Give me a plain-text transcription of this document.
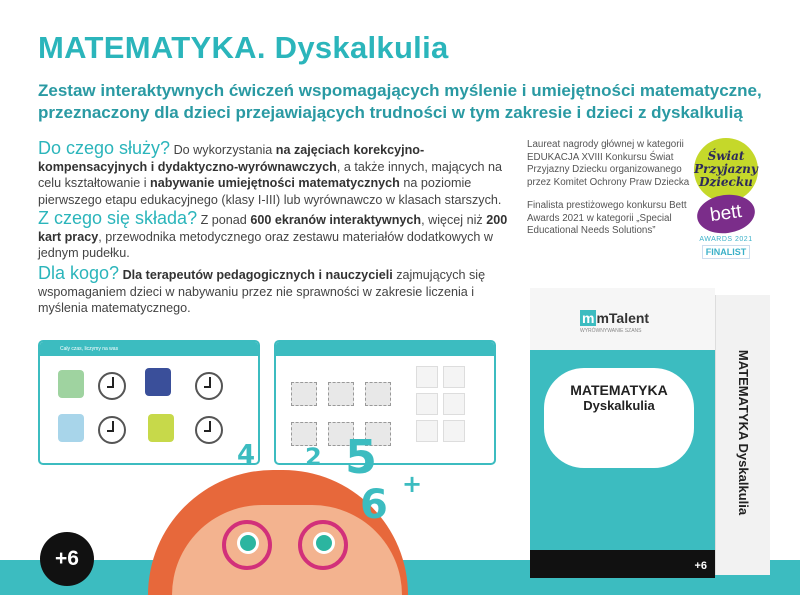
MATEMATYKA. Dyskalkulia
Zestaw interaktywnych ćwiczeń wspomagających myślenie i umiejętności matematyczne, przeznaczony dla dzieci przejawiających trudności w tym zakresie i dzieci z dyskalkulią
Do czego służy? Do wykorzystania na zajęciach korekcyjno-kompensacyjnych i dydaktyczno-wyrównawczych, a także innych, mających na celu kształtowanie i nabywanie umiejętności matematycznych na poziomie pierwszego etapu edukacyjnego (klasy I-III) lub wyrównawczo w klasach starszych.
Z czego się składa? Z ponad 600 ekranów interaktywnych, więcej niż 200 kart pracy, przewodnika metodycznego oraz zestawu materiałów dodatkowych w jednym pudełku.
Dla kogo? Dla terapeutów pedagogicznych i nauczycieli zajmujących się wspomaganiem dzieci w nabywaniu przez nie sprawności w zakresie liczenia i myślenia matematycznego.
Laureat nagrody głównej w kategorii EDUKACJA XVIII Konkursu Świat Przyjazny Dziecku organizowanego przez Komitet Ochrony Praw Dziecka
Świat Przyjazny Dziecku
Finalista prestiżowego konkursu Bett Awards 2021 w kategorii „Special Educational Needs Solutions”
bett
AWARDS 2021
FINALIST
Cały czas, liczymy na was
m mTalent
WYRÓWNYWANIE SZANS
MATEMATYKA
Dyskalkulia
+6
MATEMATYKA Dyskalkulia
4 2 5
6 +
+6
